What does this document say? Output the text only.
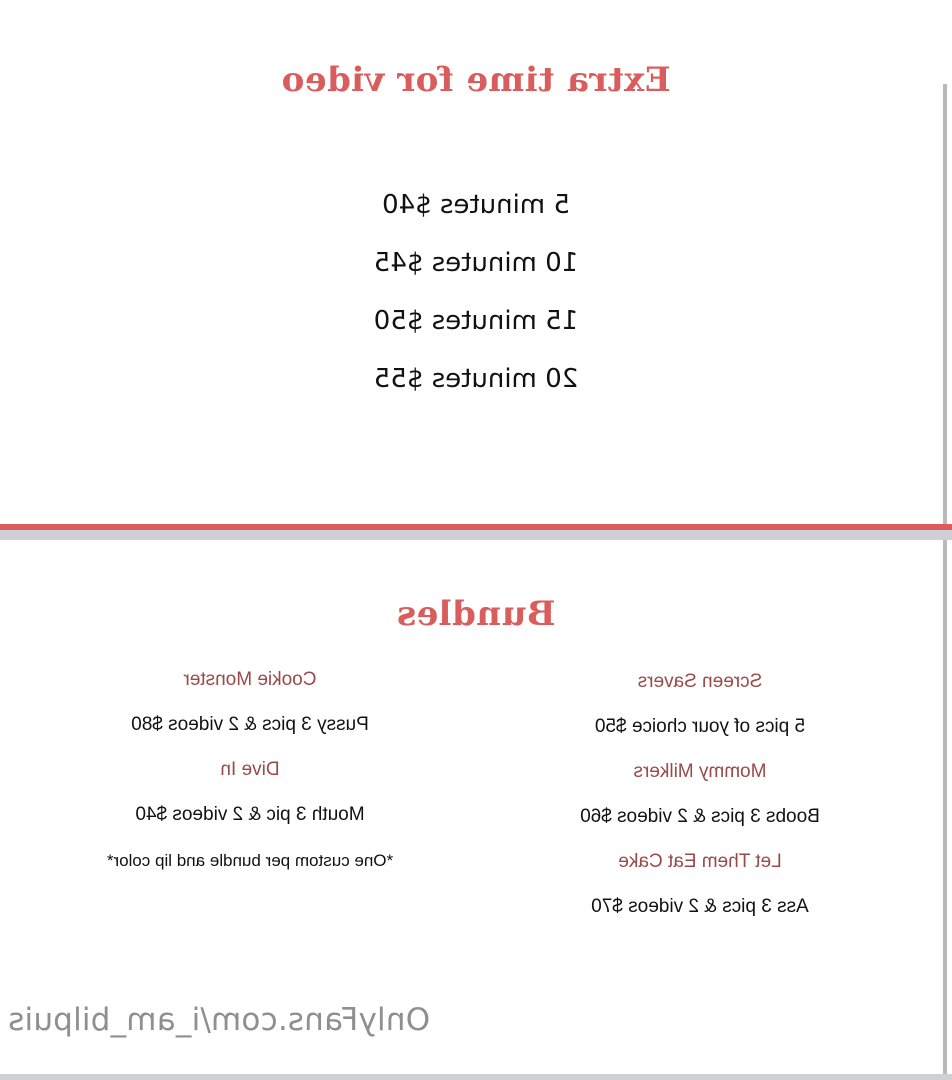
Extra time for video
5 minutes $40
10 minutes $45
15 minutes $50
20 minutes $55
Bundles
Screen Savers
5 pics of your choice $50
Mommy Milkers
Boobs 3 pics & 2 videos $60
Let Them Eat Cake
Ass 3 pics & 2 videos $70
Cookie Monster
Pussy 3 pics & 2 videos $80
Dive In
Mouth 3 pic & 2 videos $40
*One custom per bundle and lip color*
OnlyFans.com/i_am_bilpuis
